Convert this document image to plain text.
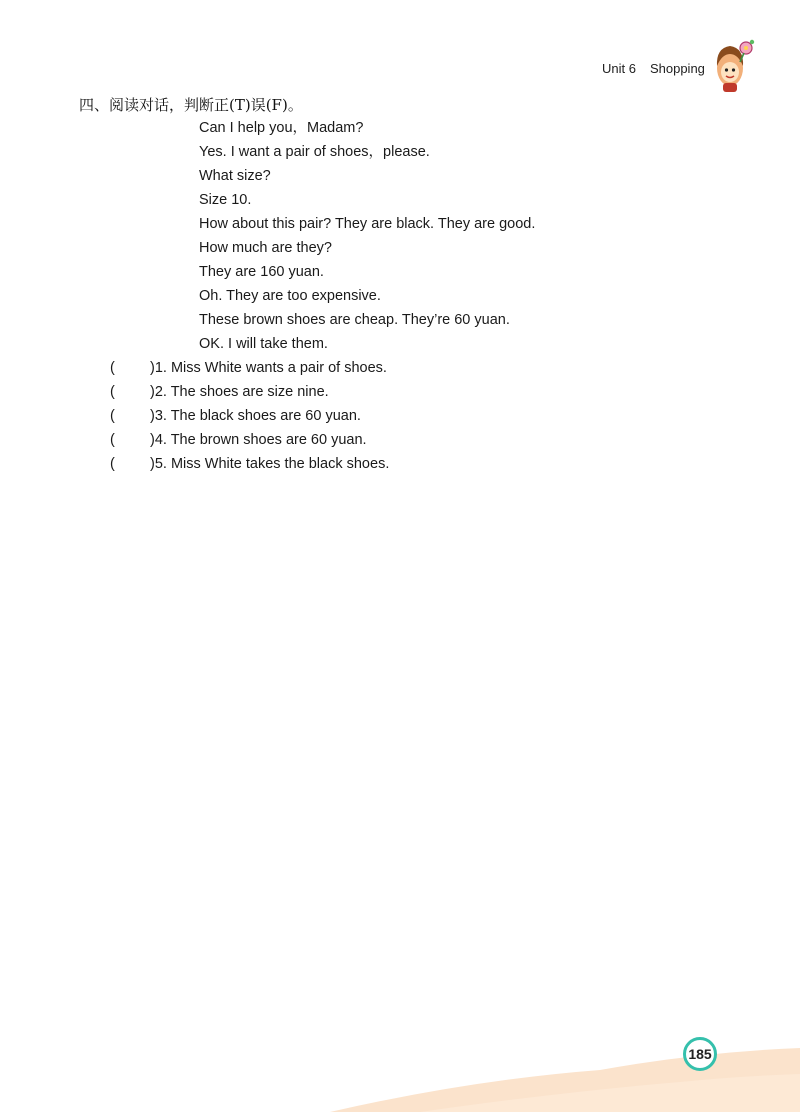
Unit 6 Shopping
四、阅读对话，判断正(T)误(F)。
Can I help you，Madam?
Yes. I want a pair of shoes，please.
What size?
Size 10.
How about this pair? They are black. They are good.
How much are they?
They are 160 yuan.
Oh. They are too expensive.
These brown shoes are cheap. They’re 60 yuan.
OK. I will take them.
( )1. Miss White wants a pair of shoes.
( )2. The shoes are size nine.
( )3. The black shoes are 60 yuan.
( )4. The brown shoes are 60 yuan.
( )5. Miss White takes the black shoes.
185
